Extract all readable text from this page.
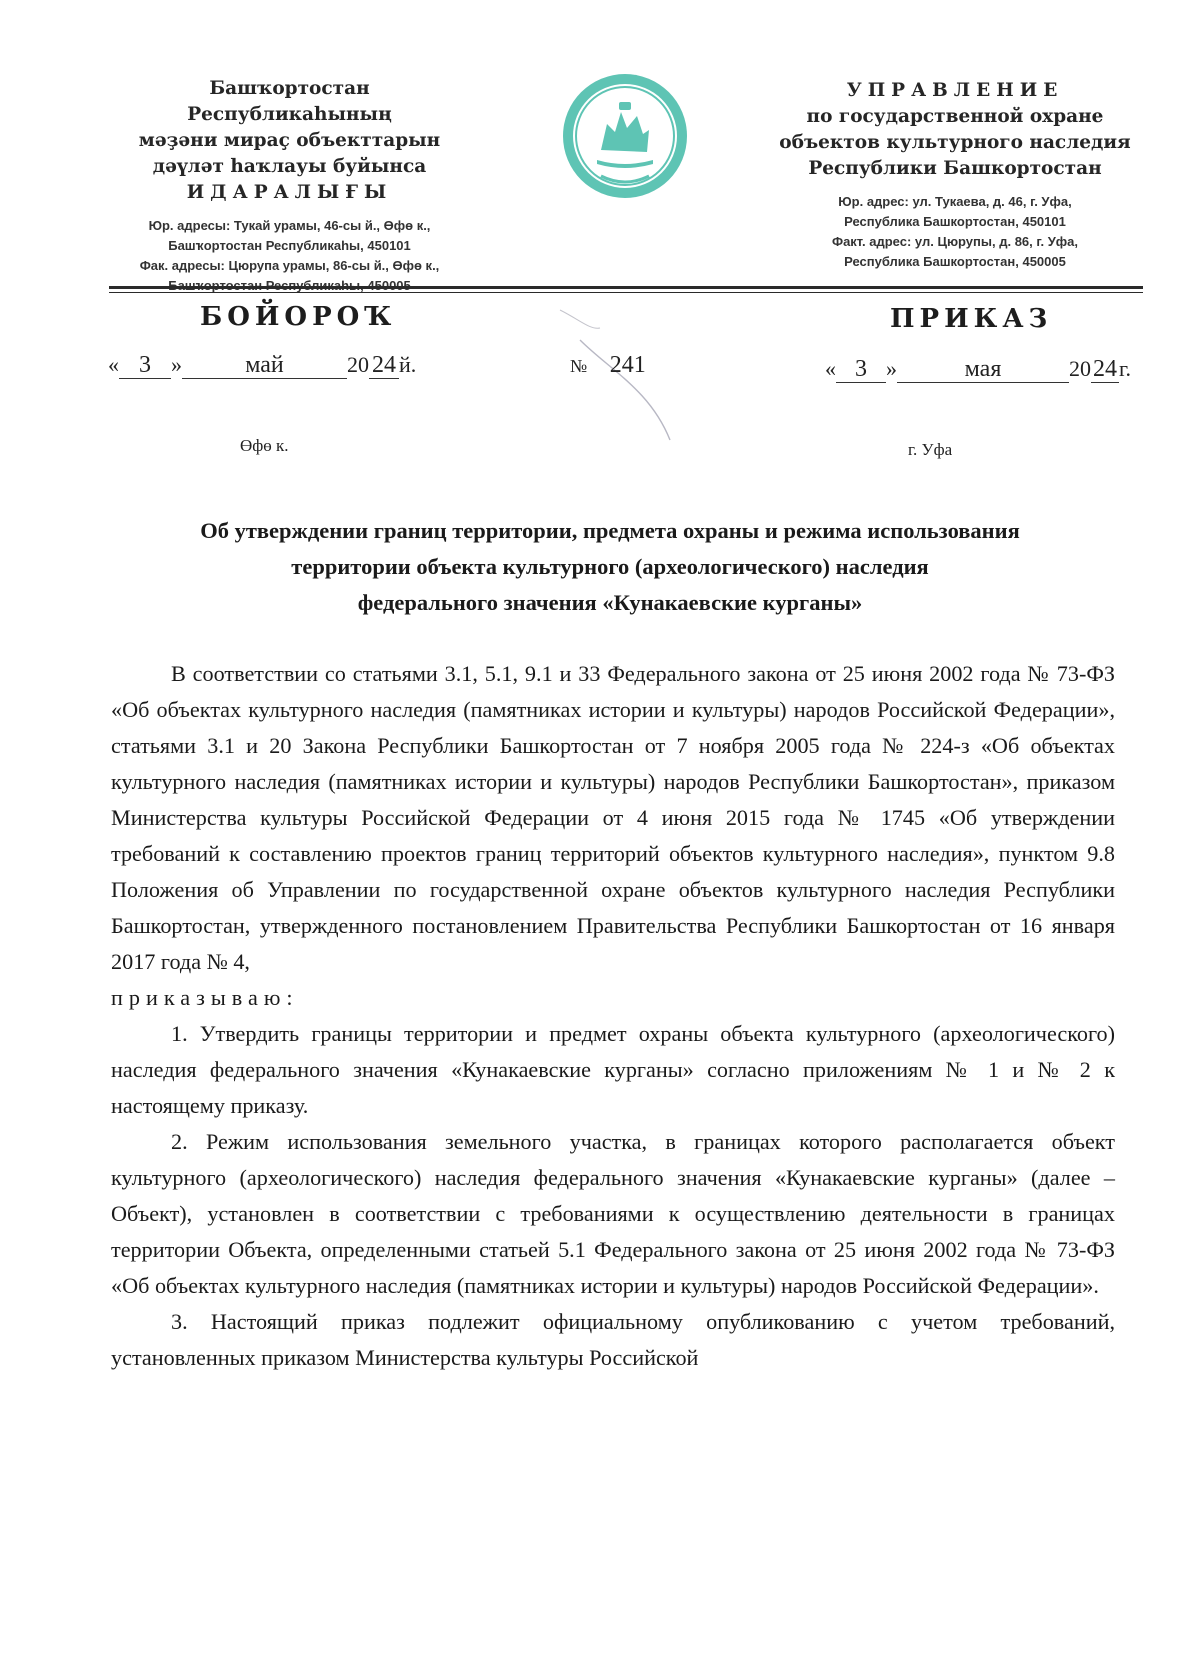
Башҡортостан Республикаһының

мәҙәни мираҫ объекттарын

дәүләт һаҡлауы буйынса

ИДАРАЛЫҒЫ

Юр. адресы: Тукай урамы, 46-сы й., Өфө к.,
Башҡортостан Республикаһы, 450101
Фак. адресы: Цюрупа урамы, 86-сы й., Өфө к.,

УПРАВЛЕНИЕ

по государственной охране

объектов культурного наследия

Республики Башкортостан

Юр. адрес: ул. Тукаева, д. 46, г. Уфа,
Республика Башкортостан, 450101
Факт. адрес: ул. Цюрупы, д. 86, г. Уфа,
Республика Башкортостан, 450005
БОЙОРОҠ	ПРИКАЗ
« 3 »	май	20 24 й.	№ 241	« 3 »	мая	2024г.
Өфө к.	г. Уфа
Об утверждении границ территории, предмета охраны и режима использования
территории объекта культурного (археологического) наследия
федерального значения «Кунакаевские курганы»

В соответствии со статьями 3.1, 5.1, 9.1 и 33 Федерального закона от 25 июня 2002 года № 73-ФЗ «Об объектах культурного наследия (памятниках истории и культуры) народов Российской Федерации», статьями 3.1 и 20 Закона Республики Башкортостан от 7 ноября 2005 года № 224-з «Об объектах культурного наследия (памятниках истории и культуры) народов Республики Башкортостан», приказом Министерства культуры Российской Федерации от 4 июня 2015 года № 1745 «Об утверждении требований к составлению проектов границ территорий объектов культурного наследия», пунктом 9.8 Положения об Управлении по государственной охране объектов культурного наследия Республики Башкортостан, утвержденного постановлением Правительства Республики Башкортостан от 16 января 2017 года № 4,

приказываю:

1. Утвердить границы территории и предмет охраны объекта культурного (археологического) наследия федерального значения «Кунакаевские курганы» согласно приложениям № 1 и № 2 к настоящему приказу.

2. Режим использования земельного участка, в границах которого располагается объект культурного (археологического) наследия федерального значения «Кунакаевские курганы» (далее – Объект), установлен в соответствии с требованиями к осуществлению деятельности в границах территории Объекта, определенными статьей 5.1 Федерального закона от 25 июня 2002 года № 73-ФЗ «Об объектах культурного наследия (памятниках истории и культуры) народов Российской Федерации».

3. Настоящий приказ подлежит официальному опубликованию с учетом требований, установленных приказом Министерства культуры Российской
